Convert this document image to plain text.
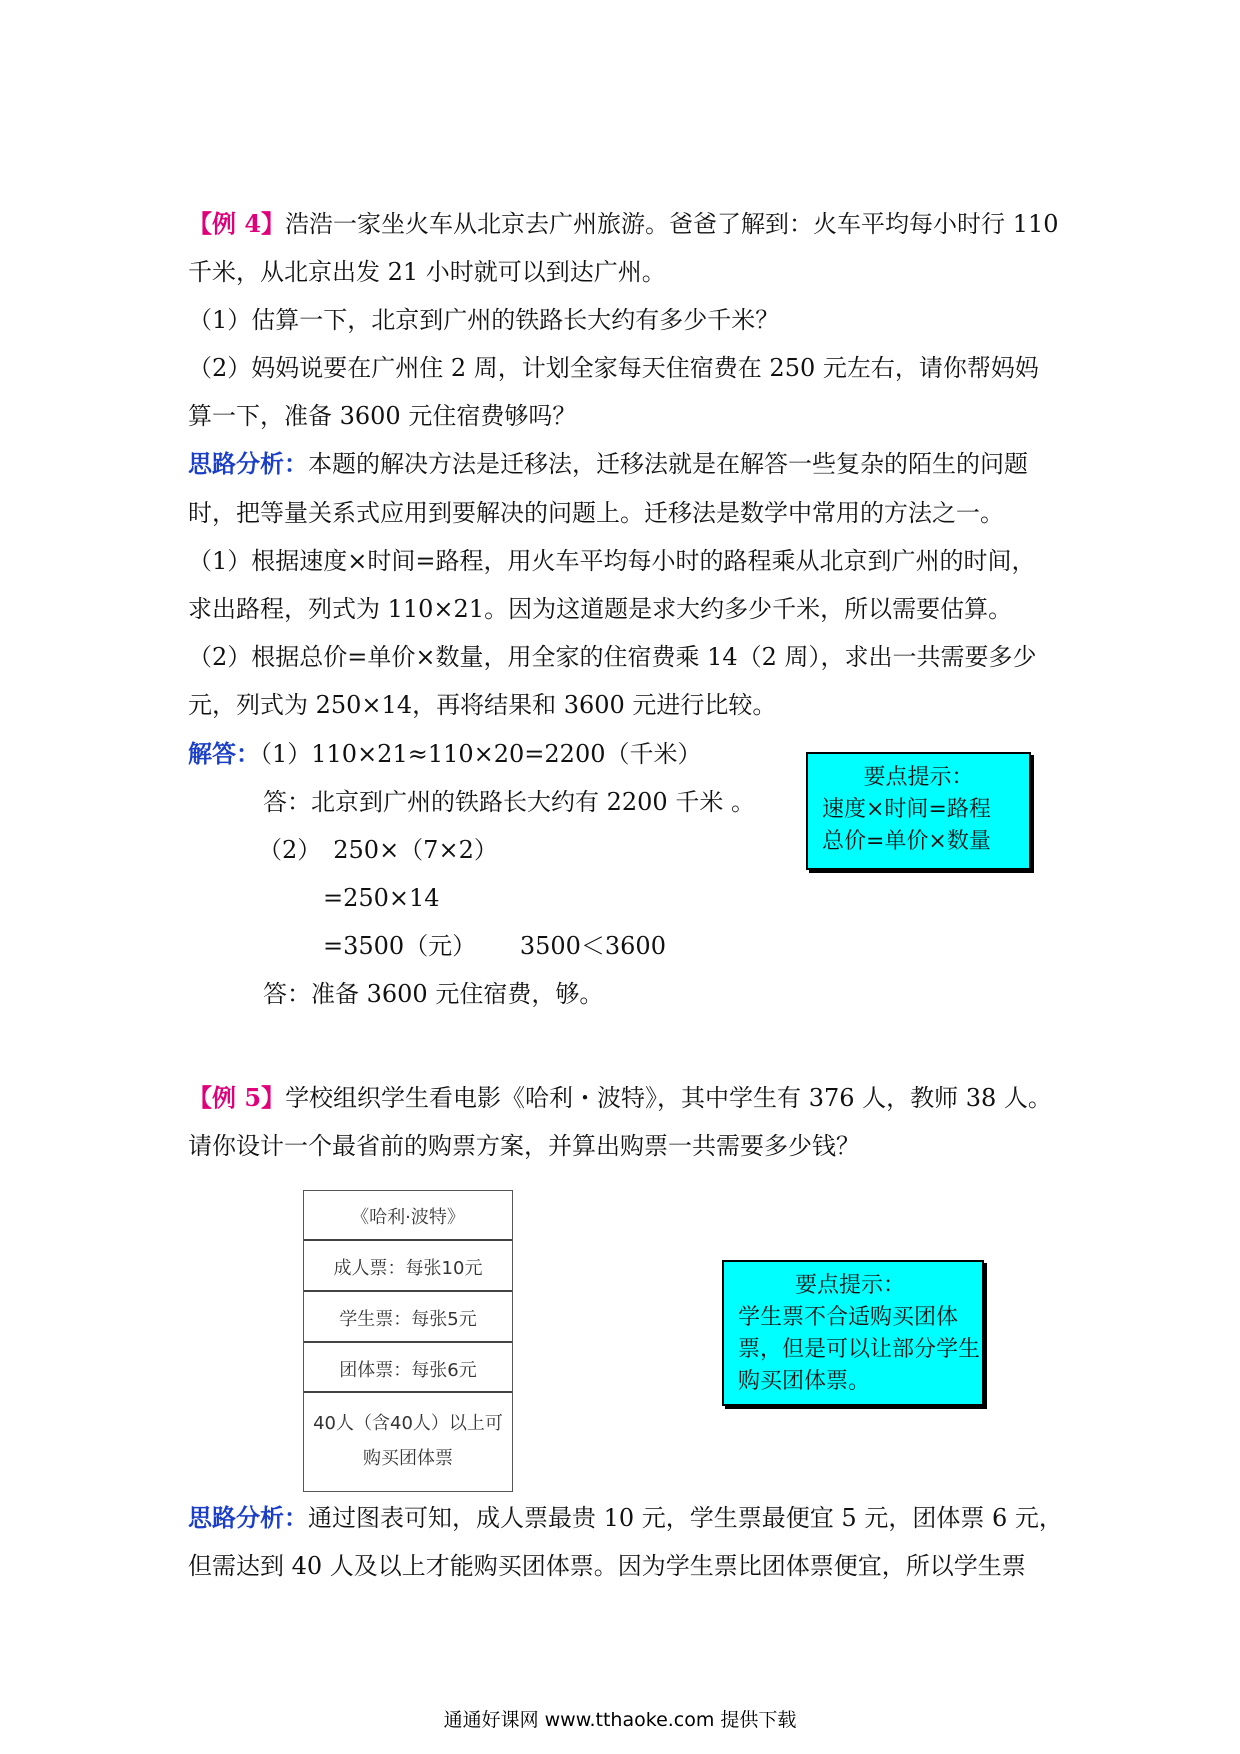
【例 4】浩浩一家坐火车从北京去广州旅游。爸爸了解到：火车平均每小时行 110
千米，从北京出发 21 小时就可以到达广州。
（1）估算一下，北京到广州的铁路长大约有多少千米？
（2）妈妈说要在广州住 2 周，计划全家每天住宿费在 250 元左右，请你帮妈妈
算一下，准备 3600 元住宿费够吗？
思路分析：本题的解决方法是迁移法，迁移法就是在解答一些复杂的陌生的问题
时，把等量关系式应用到要解决的问题上。迁移法是数学中常用的方法之一。
（1）根据速度×时间=路程，用火车平均每小时的路程乘从北京到广州的时间，
求出路程，列式为 110×21。因为这道题是求大约多少千米，所以需要估算。
（2）根据总价=单价×数量，用全家的住宿费乘 14（2 周），求出一共需要多少
元，列式为 250×14，再将结果和 3600 元进行比较。
解答：（1）110×21≈110×20=2200（千米）
答：北京到广州的铁路长大约有 2200 千米 。
（2）　250×（7×2）
=250×14
=3500（元）　　 3500＜3600
答：准备 3600 元住宿费，够。
要点提示：
速度×时间=路程
总价=单价×数量
【例 5】学校组织学生看电影《哈利・波特》，其中学生有 376 人，教师 38 人。
请你设计一个最省前的购票方案，并算出购票一共需要多少钱？
《哈利·波特》
成人票：每张10元
学生票：每张5元
团体票：每张6元
40人（含40人）以上可
购买团体票
要点提示：
学生票不合适购买团体
票，但是可以让部分学生
购买团体票。
思路分析：通过图表可知，成人票最贵 10 元，学生票最便宜 5 元，团体票 6 元，
但需达到 40 人及以上才能购买团体票。因为学生票比团体票便宜，所以学生票
通通好课网 www.tthaoke.com 提供下载
